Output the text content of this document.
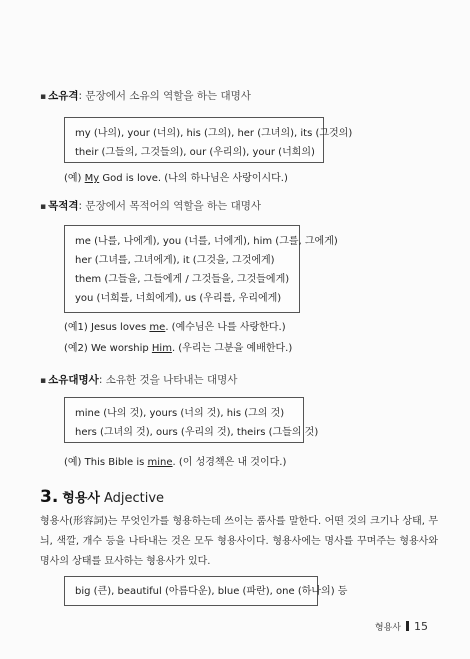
▪ 소유격: 문장에서 소유의 역할을 하는 대명사
my (나의), your (너의), his (그의), her (그녀의), its (그것의)
their (그들의, 그것들의), our (우리의), your (너희의)
(예) My God is love. (나의 하나님은 사랑이시다.)
▪ 목적격: 문장에서 목적어의 역할을 하는 대명사
me (나를, 나에게), you (너를, 너에게), him (그를, 그에게)
her (그녀를, 그녀에게), it (그것을, 그것에게)
them (그들을, 그들에게 / 그것들을, 그것들에게)
you (너희를, 너희에게), us (우리를, 우리에게)
(예1) Jesus loves me. (예수님은 나를 사랑한다.)
(예2) We worship Him. (우리는 그분을 예배한다.)
▪ 소유대명사: 소유한 것을 나타내는 대명사
mine (나의 것), yours (너의 것), his (그의 것)
hers (그녀의 것), ours (우리의 것), theirs (그들의 것)
(예) This Bible is mine. (이 성경책은 내 것이다.)
3. 형용사 Adjective
형용사(形容詞)는 무엇인가를 형용하는데 쓰이는 품사를 말한다. 어떤 것의 크기나 상태, 무늬, 색깔, 개수 등을 나타내는 것은 모두 형용사이다. 형용사에는 명사를 꾸며주는 형용사와 명사의 상태를 묘사하는 형용사가 있다.
big (큰), beautiful (아름다운), blue (파란), one (하나의) 등
형용사 15
